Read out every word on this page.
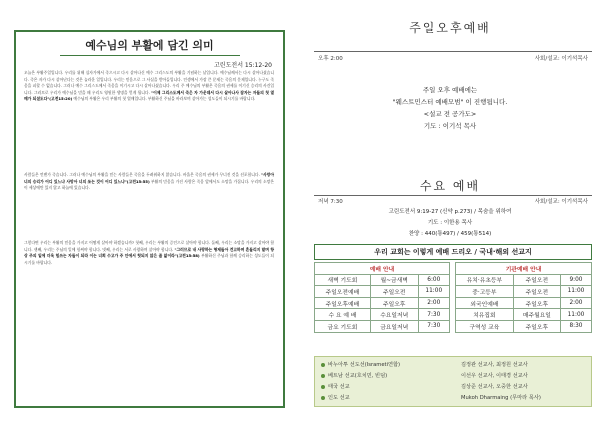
예수님의 부활에 담긴 의미
고린도전서 15:12-20
오늘은 부활주일입니다. 우리를 위해 십자가에서 죽으시고 다시 살아나신 예수 그리스도의 부활을 기념하는 날입니다. 예수님께서는 다시 살아나셨습니다. 죽은 자가 다시 살아난다는 것은 놀라운 일입니다. 우리는 믿음으로 그 사실을 받아들입니다. 인생에서 가장 큰 문제는 죽음의 문제입니다. 누구도 죽음을 피할 수 없습니다. 그러나 예수 그리스도께서 죽음을 이기시고 다시 살아나셨습니다. 우리 주 예수님의 부활은 죽음의 권세를 이기신 승리의 사건입니다. 그러므로 우리가 예수님을 믿을 때 우리도 영원한 생명을 얻게 됩니다. "이제 그리스도께서 죽은 자 가운데서 다시 살아나사 잠자는 자들의 첫 열매가 되셨도다"(고전15:20) 예수님의 부활은 우리 부활의 첫 열매입니다. 부활하신 주님을 바라보며 살아가는 성도들이 되시기를 바랍니다.
사람들은 언젠가 죽습니다. 그러나 예수님의 부활을 믿는 사람들은 죽음을 두려워하지 않습니다. 바울은 죽음의 권세가 무너진 것을 선포합니다. "사망아 너의 승리가 어디 있느냐 사망아 너의 쏘는 것이 어디 있느냐"(고전15:55) 부활의 믿음을 가진 사람은 죽음 앞에서도 소망을 가집니다. 우리의 소망은 이 세상에만 있지 않고 하늘에 있습니다.
그렇다면 우리는 부활의 믿음을 가지고 어떻게 살아야 하겠습니까? 첫째, 우리는 부활의 증인으로 살아야 합니다. 둘째, 우리는 소망을 가지고 살아야 합니다. 셋째, 우리는 주님의 일에 힘써야 합니다. 넷째, 우리는 서로 사랑하며 살아야 합니다. "그러므로 내 사랑하는 형제들아 견고하며 흔들리지 말며 항상 주의 일에 더욱 힘쓰는 자들이 되라 이는 너희 수고가 주 안에서 헛되지 않은 줄 앎이라"(고전15:58) 부활하신 주님과 함께 승리하는 성도들이 되시기를 바랍니다.
주일오후예배
오후 2:00	사회/설교: 이기석목사
주일 오후 예배에는
"웨스트민스터 예배모범" 이 진행됩니다.
<설교 전 공가도>
기도 : 이기석 목사
수요 예배
저녁 7:30	사회/설교: 이기석목사
고린도전서 9:19-27 (신약 p.273) / 목숨을 위하여
기도 : 이한용 목사
찬양 : 440(통497) / 459(통514)
우리 교회는 이렇게 예배 드리오 / 국내·해외 선교지
예배 안내		
새벽 기도회	월~금새벽	6:00
주일오전예배	주일오전	11:00
주일오후예배	주일오후	2:00
수 요 예 배	수요일저녁	7:30
금요 기도회	금요일저녁	7:30
기관예배 안내		
유치·유초등부	주일오전	9:00
중·고등부	주일오전	11:00
외국인예배	주일오후	2:00
치유집회	매주월요일	11:00
구역성 교육	주일오후	8:30
바누아투 선도선(Isrameti연합)	김정관 선교사, 최정원 선교사
베트남 선교(호치민, 빈덤)	이선우 선교사, 이태경 선교사
태국 선교	김상준 선교사, 오중한 선교사
인도 선교	Mukoh Dharmaing (무마라 목사)
